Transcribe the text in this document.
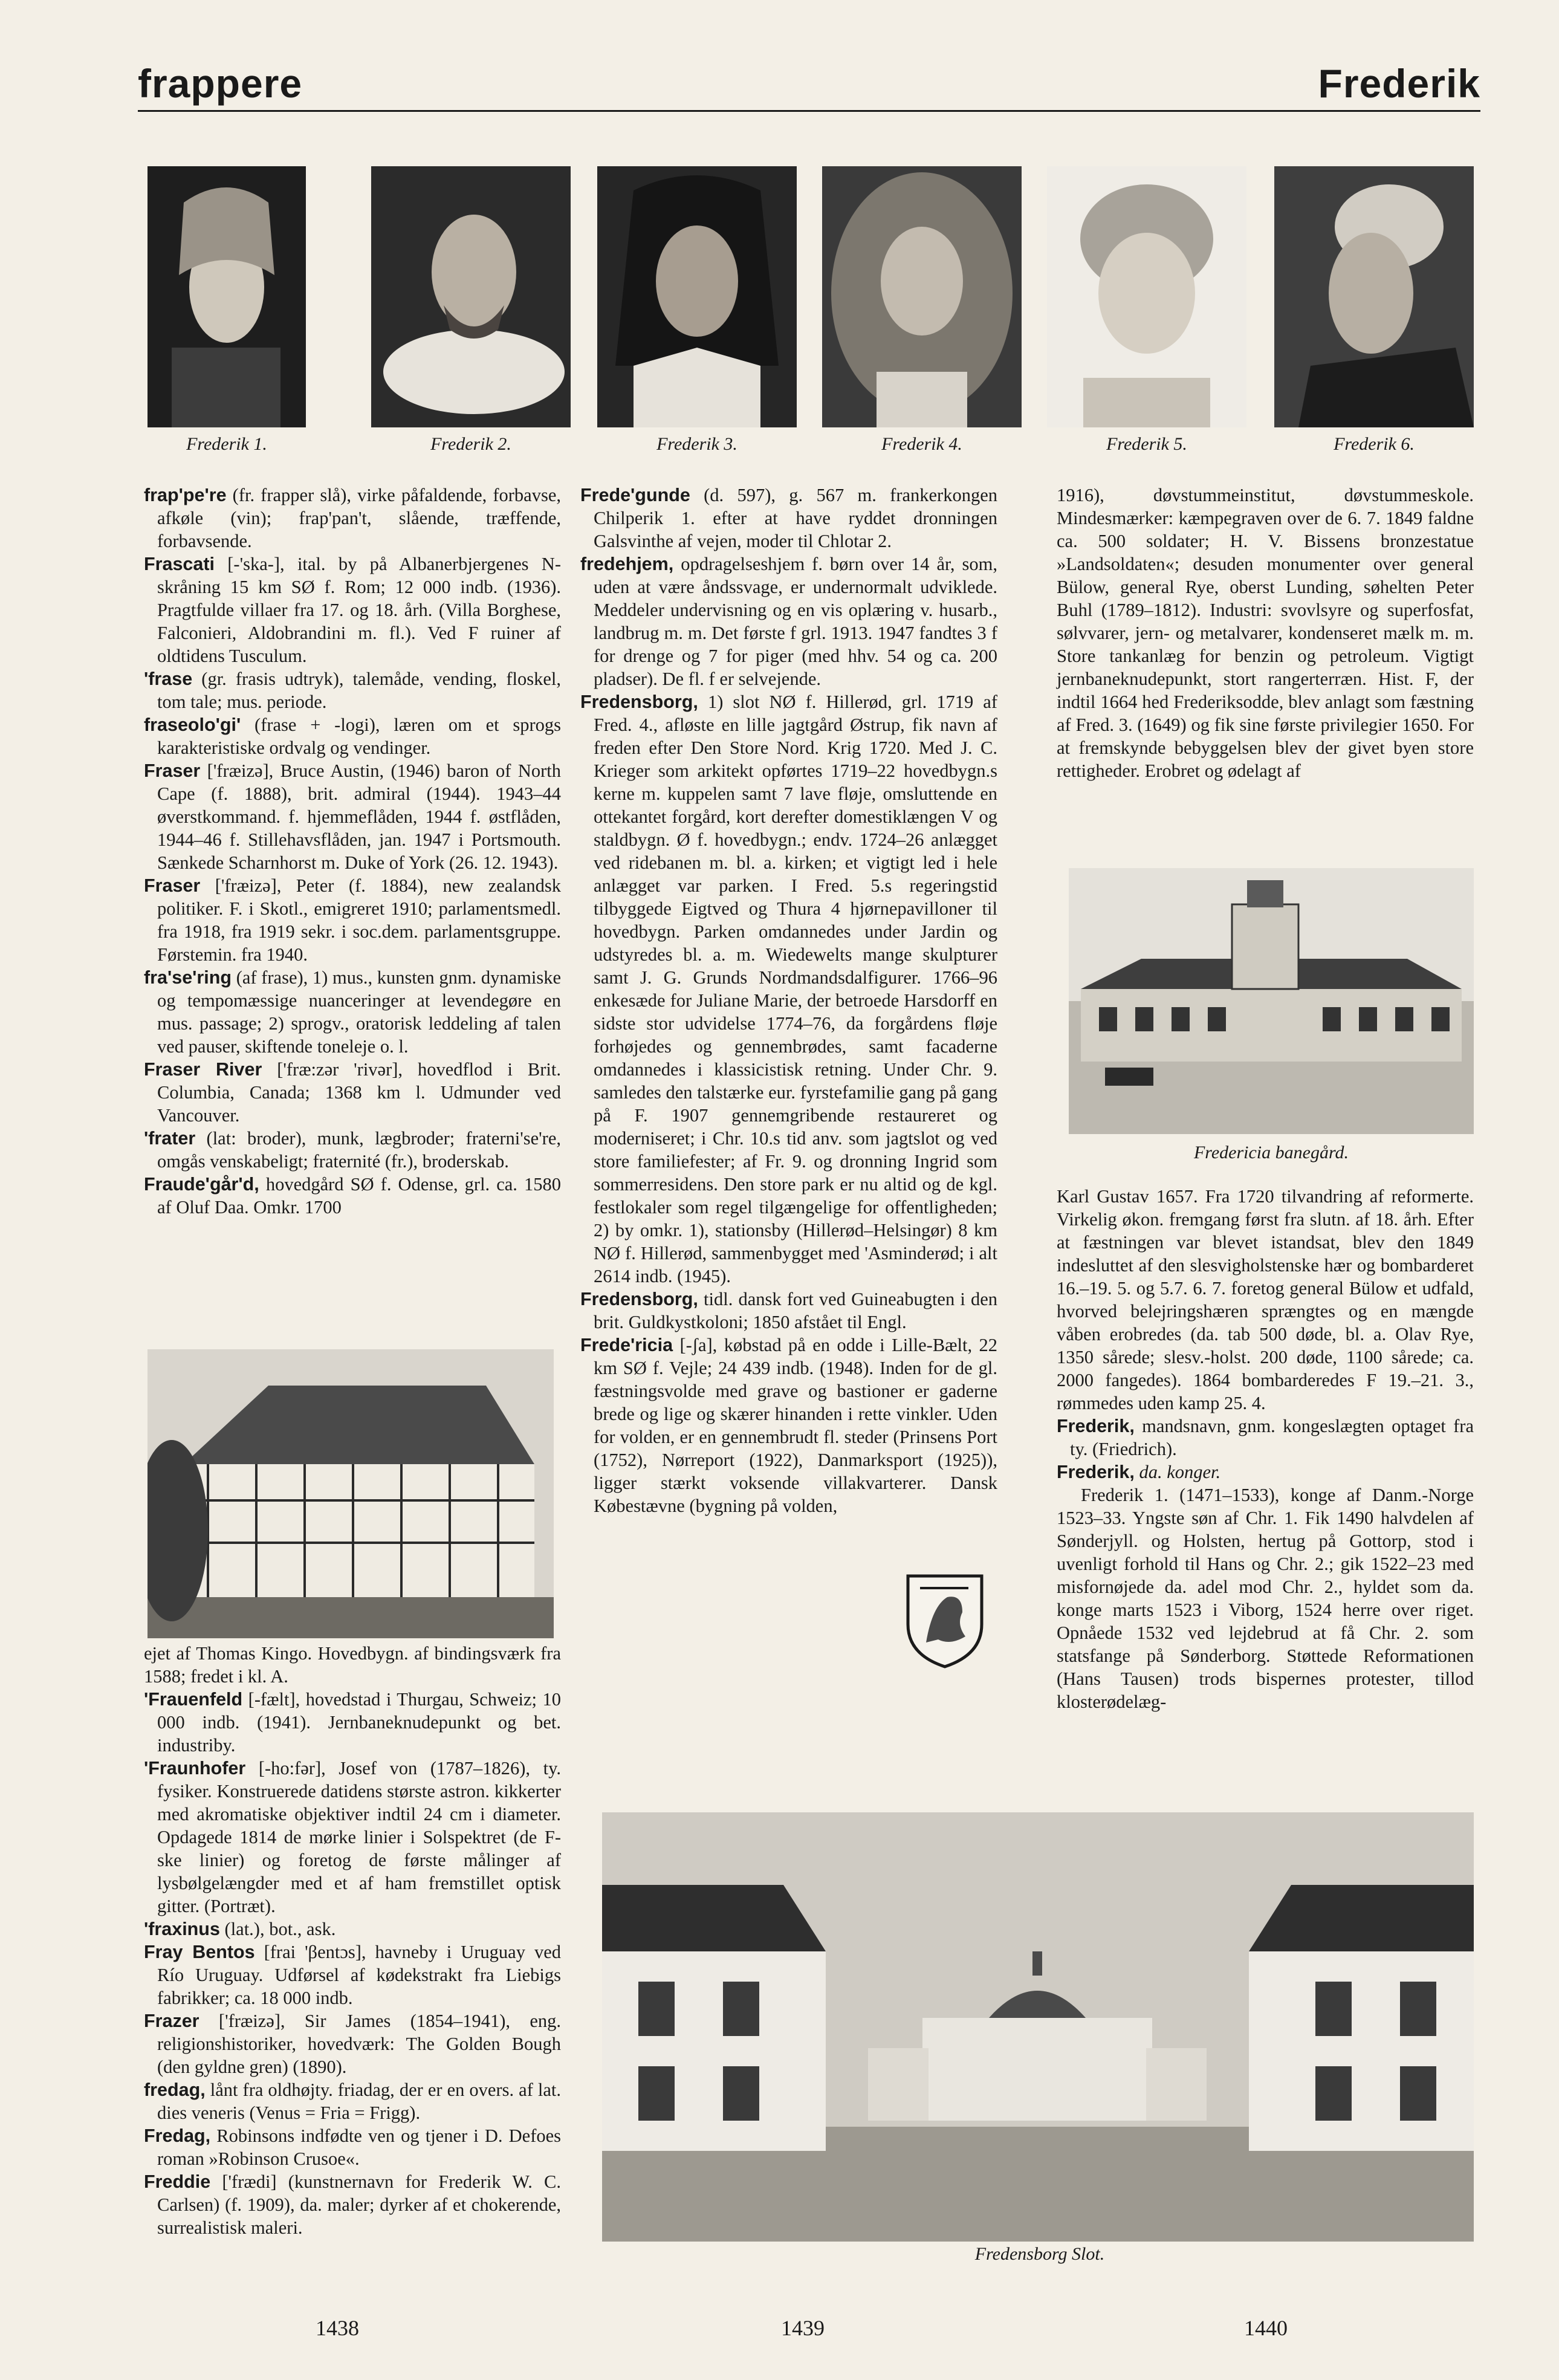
frappere	Frederik
Frederik 1.	Frederik 2.	Frederik 3.	Frederik 4.	Frederik 5.	Frederik 6.
frap'pe're (fr. frapper slå), virke påfaldende, forbavse, afkøle (vin); frap'pan't, slående, træffende, forbavsende.
Frascati [-'ska-], ital. by på Albanerbjergenes N-skråning 15 km SØ f. Rom; 12 000 indb. (1936). Pragtfulde villaer fra 17. og 18. årh. (Villa Borghese, Falconieri, Aldobrandini m. fl.). Ved F ruiner af oldtidens Tusculum.
'frase (gr. frasis udtryk), talemåde, vending, floskel, tom tale; mus. periode.
fraseolo'gi' (frase + -logi), læren om et sprogs karakteristiske ordvalg og vendinger.
Fraser ['fræizə], Bruce Austin, (1946) baron of North Cape (f. 1888), brit. admiral (1944). 1943–44 øverstkommand. f. hjemmeflåden, 1944 f. østflåden, 1944–46 f. Stillehavsflåden, jan. 1947 i Portsmouth. Sænkede Scharnhorst m. Duke of York (26. 12. 1943).
Fraser ['fræizə], Peter (f. 1884), new zealandsk politiker. F. i Skotl., emigreret 1910; parlamentsmedl. fra 1918, fra 1919 sekr. i soc.dem. parlamentsgruppe. Førstemin. fra 1940.
fra'se'ring (af frase), 1) mus., kunsten gnm. dynamiske og tempomæssige nuanceringer at levendegøre en mus. passage; 2) sprogv., oratorisk leddeling af talen ved pauser, skiftende toneleje o. l.
Fraser River ['fræ:zər 'rivər], hovedflod i Brit. Columbia, Canada; 1368 km l. Udmunder ved Vancouver.
'frater (lat: broder), munk, lægbroder; fraterni'se're, omgås venskabeligt; fraternité (fr.), broderskab.
Fraude'går'd, hovedgård SØ f. Odense, grl. ca. 1580 af Oluf Daa. Omkr. 1700
ejet af Thomas Kingo. Hovedbygn. af bindingsværk fra 1588; fredet i kl. A.
'Frauenfeld [-fælt], hovedstad i Thurgau, Schweiz; 10 000 indb. (1941). Jernbaneknudepunkt og bet. industriby.
'Fraunhofer [-ho:fər], Josef von (1787–1826), ty. fysiker. Konstruerede datidens største astron. kikkerter med akromatiske objektiver indtil 24 cm i diameter. Opdagede 1814 de mørke linier i Solspektret (de F-ske linier) og foretog de første målinger af lysbølgelængder med et af ham fremstillet optisk gitter. (Portræt).
'fraxinus (lat.), bot., ask.
Fray Bentos [frai 'βentɔs], havneby i Uruguay ved Río Uruguay. Udførsel af kødekstrakt fra Liebigs fabrikker; ca. 18 000 indb.
Frazer ['fræizə], Sir James (1854–1941), eng. religionshistoriker, hovedværk: The Golden Bough (den gyldne gren) (1890).
fredag, lånt fra oldhøjty. friadag, der er en overs. af lat. dies veneris (Venus = Fria = Frigg).
Fredag, Robinsons indfødte ven og tjener i D. Defoes roman »Robinson Crusoe«.
Freddie ['frædi] (kunstnernavn for Frederik W. C. Carlsen) (f. 1909), da. maler; dyrker af et chokerende, surrealistisk maleri.
Frede'gunde (d. 597), g. 567 m. frankerkongen Chilperik 1. efter at have ryddet dronningen Galsvinthe af vejen, moder til Chlotar 2.
fredehjem, opdragelseshjem f. børn over 14 år, som, uden at være åndssvage, er undernormalt udviklede. Meddeler undervisning og en vis oplæring v. husarb., landbrug m. m. Det første f grl. 1913. 1947 fandtes 3 f for drenge og 7 for piger (med hhv. 54 og ca. 200 pladser). De fl. f er selvejende.
Fredensborg, 1) slot NØ f. Hillerød, grl. 1719 af Fred. 4., afløste en lille jagtgård Østrup, fik navn af freden efter Den Store Nord. Krig 1720. Med J. C. Krieger som arkitekt opførtes 1719–22 hovedbygn.s kerne m. kuppelen samt 7 lave fløje, omsluttende en ottekantet forgård, kort derefter domestiklængen V og staldbygn. Ø f. hovedbygn.; endv. 1724–26 anlægget ved ridebanen m. bl. a. kirken; et vigtigt led i hele anlægget var parken. I Fred. 5.s regeringstid tilbyggede Eigtved og Thura 4 hjørnepavilloner til hovedbygn. Parken omdannedes under Jardin og udstyredes bl. a. m. Wiedewelts mange skulpturer samt J. G. Grunds Nordmandsdalfigurer. 1766–96 enkesæde for Juliane Marie, der betroede Harsdorff en sidste stor udvidelse 1774–76, da forgårdens fløje forhøjedes og gennembrødes, samt facaderne omdannedes i klassicistisk retning. Under Chr. 9. samledes den talstærke eur. fyrstefamilie gang på gang på F. 1907 gennemgribende restaureret og moderniseret; i Chr. 10.s tid anv. som jagtslot og ved store familiefester; af Fr. 9. og dronning Ingrid som sommerresidens. Den store park er nu altid og de kgl. festlokaler som regel tilgængelige for offentligheden; 2) by omkr. 1), stationsby (Hillerød–Helsingør) 8 km NØ f. Hillerød, sammenbygget med 'Asminderød; i alt 2614 indb. (1945).
Fredensborg, tidl. dansk fort ved Guineabugten i den brit. Guldkystkoloni; 1850 afstået til Engl.
Frede'ricia [-ʃa], købstad på en odde i Lille-Bælt, 22 km SØ f. Vejle; 24 439 indb. (1948). Inden for de gl. fæstningsvolde med grave og bastioner er gaderne brede og lige og skærer hinanden i rette vinkler. Uden for volden, er en gennembrudt fl. steder (Prinsens Port (1752), Nørreport (1922), Danmarksport (1925)), ligger stærkt voksende villakvarterer. Dansk Købestævne (bygning på volden,
1916), døvstummeinstitut, døvstummeskole. Mindesmærker: kæmpegraven over de 6. 7. 1849 faldne ca. 500 soldater; H. V. Bissens bronzestatue »Landsoldaten«; desuden monumenter over general Bülow, general Rye, oberst Lunding, søhelten Peter Buhl (1789–1812). Industri: svovlsyre og superfosfat, sølvvarer, jern- og metalvarer, kondenseret mælk m. m. Store tankanlæg for benzin og petroleum. Vigtigt jernbaneknudepunkt, stort rangerterræn. Hist. F, der indtil 1664 hed Frederiksodde, blev anlagt som fæstning af Fred. 3. (1649) og fik sine første privilegier 1650. For at fremskynde bebyggelsen blev der givet byen store rettigheder. Erobret og ødelagt af
Fredericia banegård.
Karl Gustav 1657. Fra 1720 tilvandring af reformerte. Virkelig økon. fremgang først fra slutn. af 18. årh. Efter at fæstningen var blevet istandsat, blev den 1849 indesluttet af den slesvigholstenske hær og bombarderet 16.–19. 5. og 5.7. 6. 7. foretog general Bülow et udfald, hvorved belejringshæren sprængtes og en mængde våben erobredes (da. tab 500 døde, bl. a. Olav Rye, 1350 sårede; slesv.-holst. 200 døde, 1100 sårede; ca. 2000 fangedes). 1864 bombarderedes F 19.–21. 3., rømmedes uden kamp 25. 4.
Frederik, mandsnavn, gnm. kongeslægten optaget fra ty. (Friedrich).
Frederik, da. konger.
Frederik 1. (1471–1533), konge af Danm.-Norge 1523–33. Yngste søn af Chr. 1. Fik 1490 halvdelen af Sønderjyll. og Holsten, hertug på Gottorp, stod i uvenligt forhold til Hans og Chr. 2.; gik 1522–23 med misfornøjede da. adel mod Chr. 2., hyldet som da. konge marts 1523 i Viborg, 1524 herre over riget. Opnåede 1532 ved lejdebrud at få Chr. 2. som statsfange på Sønderborg. Støttede Reformationen (Hans Tausen) trods bispernes protester, tillod klosterødelæg-
Fredensborg Slot.
1438	1439	1440
